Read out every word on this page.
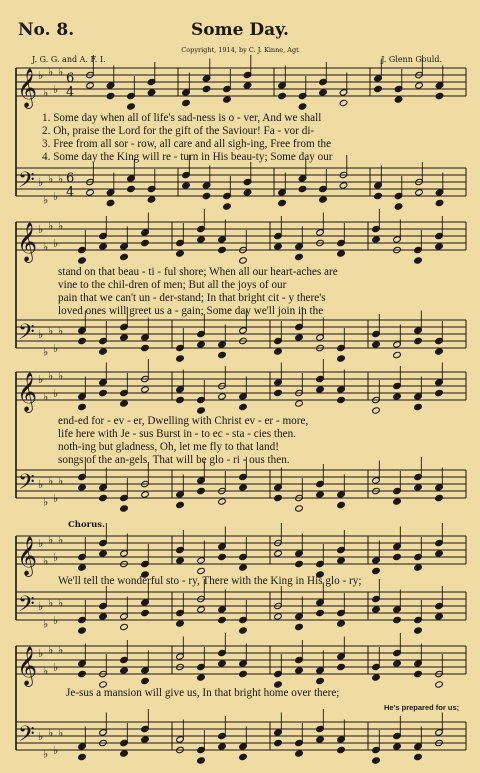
𝄞 ♭
♭
♭
♭
♭
𝄢 ♭
♭
♭
♭
♭
6
4
6
4
𝄞 ♭
♭
♭
♭
♭
𝄢 ♭
♭
♭
♭
♭
𝄞 ♭
♭
♭
♭
♭
𝄢 ♭
♭
♭
♭
♭
𝄞 ♭
♭
♭
♭
♭
𝄢 ♭
♭
♭
♭
♭
𝄞 ♭
♭
♭
♭
♭
𝄢 ♭
♭
♭
♭
♭
No. 8.	Some Day.
Copyright, 1914, by C. J. Kinne, Agt
J. G. G. and A. F. I.	J. Glenn Gould.
Chorus.
1. Some day when all of life's sad-ness is o - ver, And we shall
2. Oh, praise the Lord for the gift of the Saviour! Fa - vor di-
3. Free from all sor - row, all care and all sigh-ing, Free from the
4. Some day the King will re - turn in His beau-ty; Some day our
stand on that beau - ti - ful shore; When all our heart-aches are
vine to the chil-dren of men; But all the joys of our
pain that we can't un - der-stand; In that bright cit - y there's
loved ones will greet us a - gain; Some day we'll join in the
end-ed for - ev - er, Dwelling with Christ ev - er - more,
life here with Je - sus Burst in - to ec - sta - cies then.
noth-ing but gladness, Oh, let me fly to that land!
songs of the an-gels, That will be glo - ri - ous then.
We'll tell the wonderful sto - ry, There with the King in His glo - ry;
Je-sus a mansion will give us, In that bright home over there;
He's prepared for us;
